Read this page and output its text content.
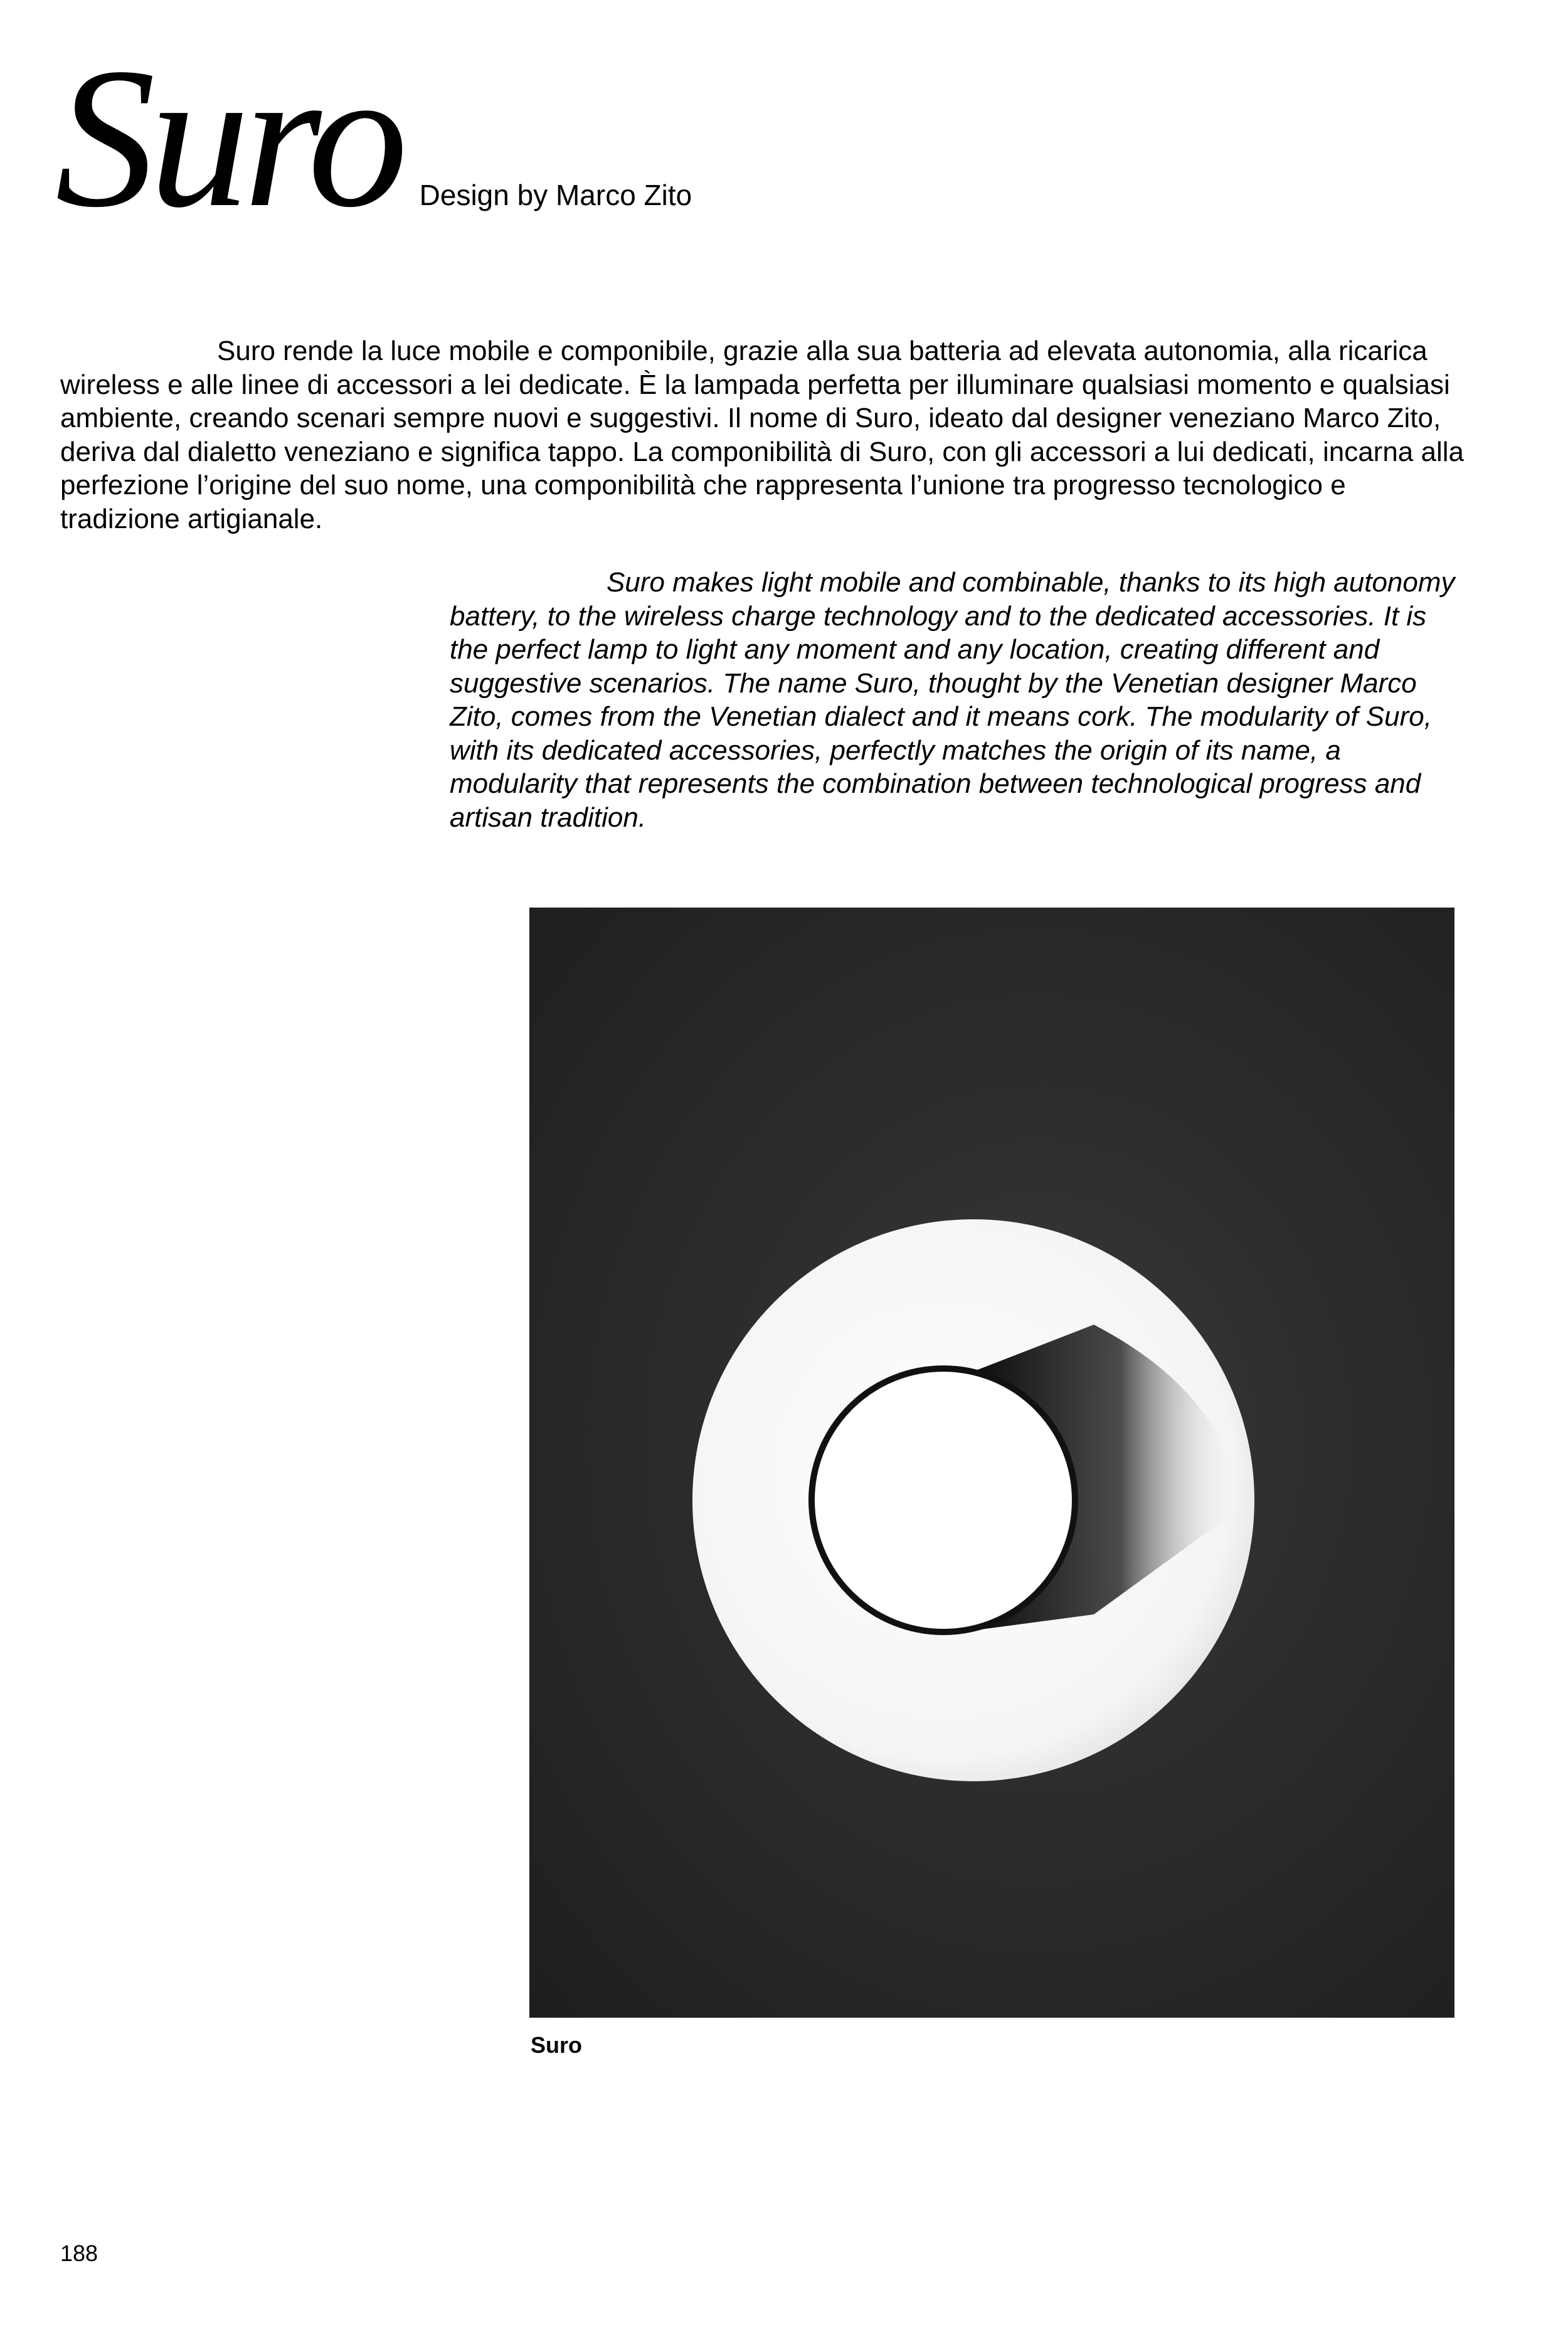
Suro Design by Marco Zito

Suro rende la luce mobile e componibile, grazie alla sua batteria ad elevata autonomia, alla ricarica wireless e alle linee di accessori a lei dedicate. È la lampada perfetta per illuminare qualsiasi momento e qualsiasi ambiente, creando scenari sempre nuovi e suggestivi. Il nome di Suro, ideato dal designer veneziano Marco Zito, deriva dal dialetto veneziano e significa tappo. La componibilità di Suro, con gli accessori a lui dedicati, incarna alla perfezione l’origine del suo nome, una componibilità che rappresenta l’unione tra progresso tecnologico e tradizione artigianale.

Suro makes light mobile and combinable, thanks to its high autonomy battery, to the wireless charge technology and to the dedicated accessories. It is the perfect lamp to light any moment and any location, creating different and suggestive scenarios. The name Suro, thought by the Venetian designer Marco Zito, comes from the Venetian dialect and it means cork. The modularity of Suro, with its dedicated accessories, perfectly matches the origin of its name, a modularity that represents the combination between technological progress and artisan tradition.

Suro

188
